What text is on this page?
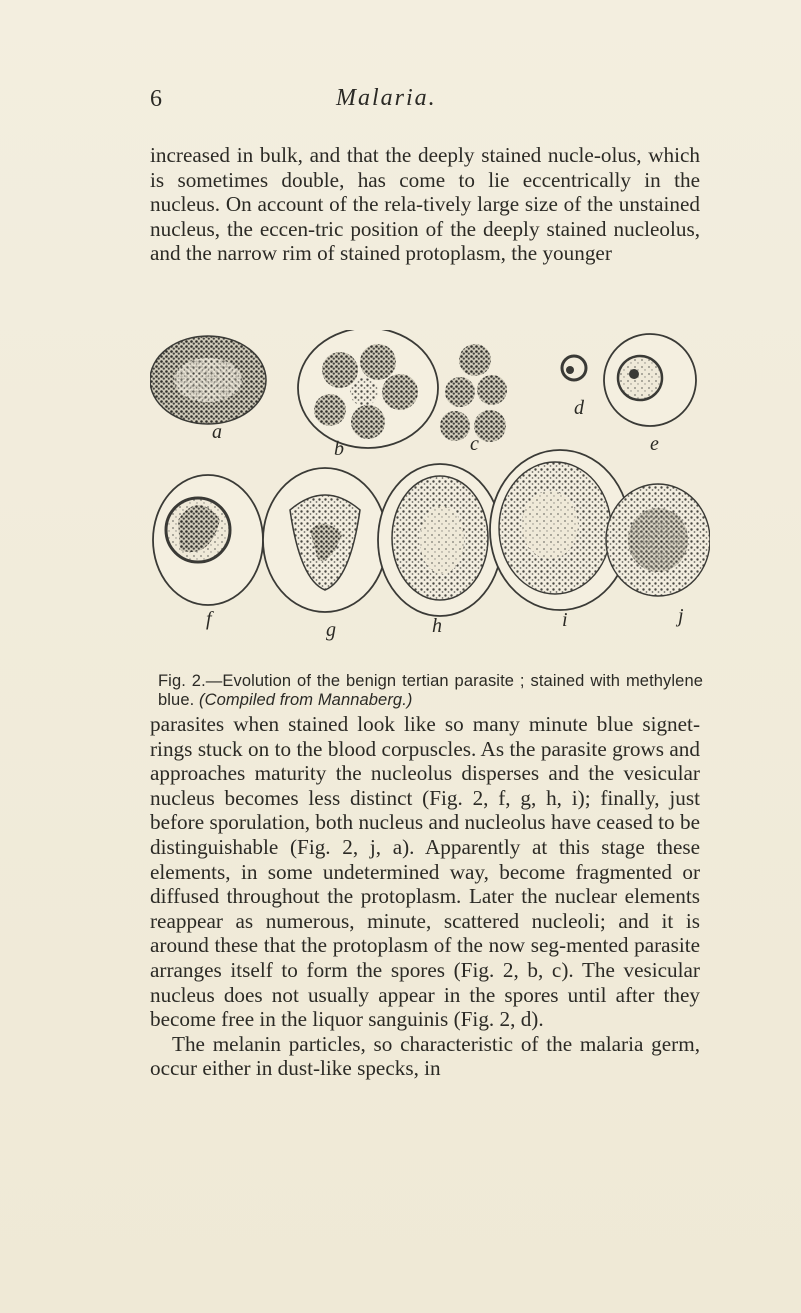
6	Malaria.
increased in bulk, and that the deeply stained nucle-olus, which is sometimes double, has come to lie eccentrically in the nucleus. On account of the rela-tively large size of the unstained nucleus, the eccen-tric position of the deeply stained nucleolus, and the narrow rim of stained protoplasm, the younger
a
b	c
d
e
f	g	h	i	j
Fig. 2.—Evolution of the benign tertian parasite ; stained with methylene blue. (Compiled from Mannaberg.)

parasites when stained look like so many minute blue signet-rings stuck on to the blood corpuscles. As the parasite grows and approaches maturity the nucleolus disperses and the vesicular nucleus becomes less distinct (Fig. 2, f, g, h, i); finally, just before sporulation, both nucleus and nucleolus have ceased to be distinguishable (Fig. 2, j, a). Apparently at this stage these elements, in some undetermined way, become fragmented or diffused throughout the protoplasm. Later the nuclear elements reappear as numerous, minute, scattered nucleoli; and it is around these that the protoplasm of the now seg-mented parasite arranges itself to form the spores (Fig. 2, b, c). The vesicular nucleus does not usually appear in the spores until after they become free in the liquor sanguinis (Fig. 2, d).

The melanin particles, so characteristic of the malaria germ, occur either in dust-like specks, in
